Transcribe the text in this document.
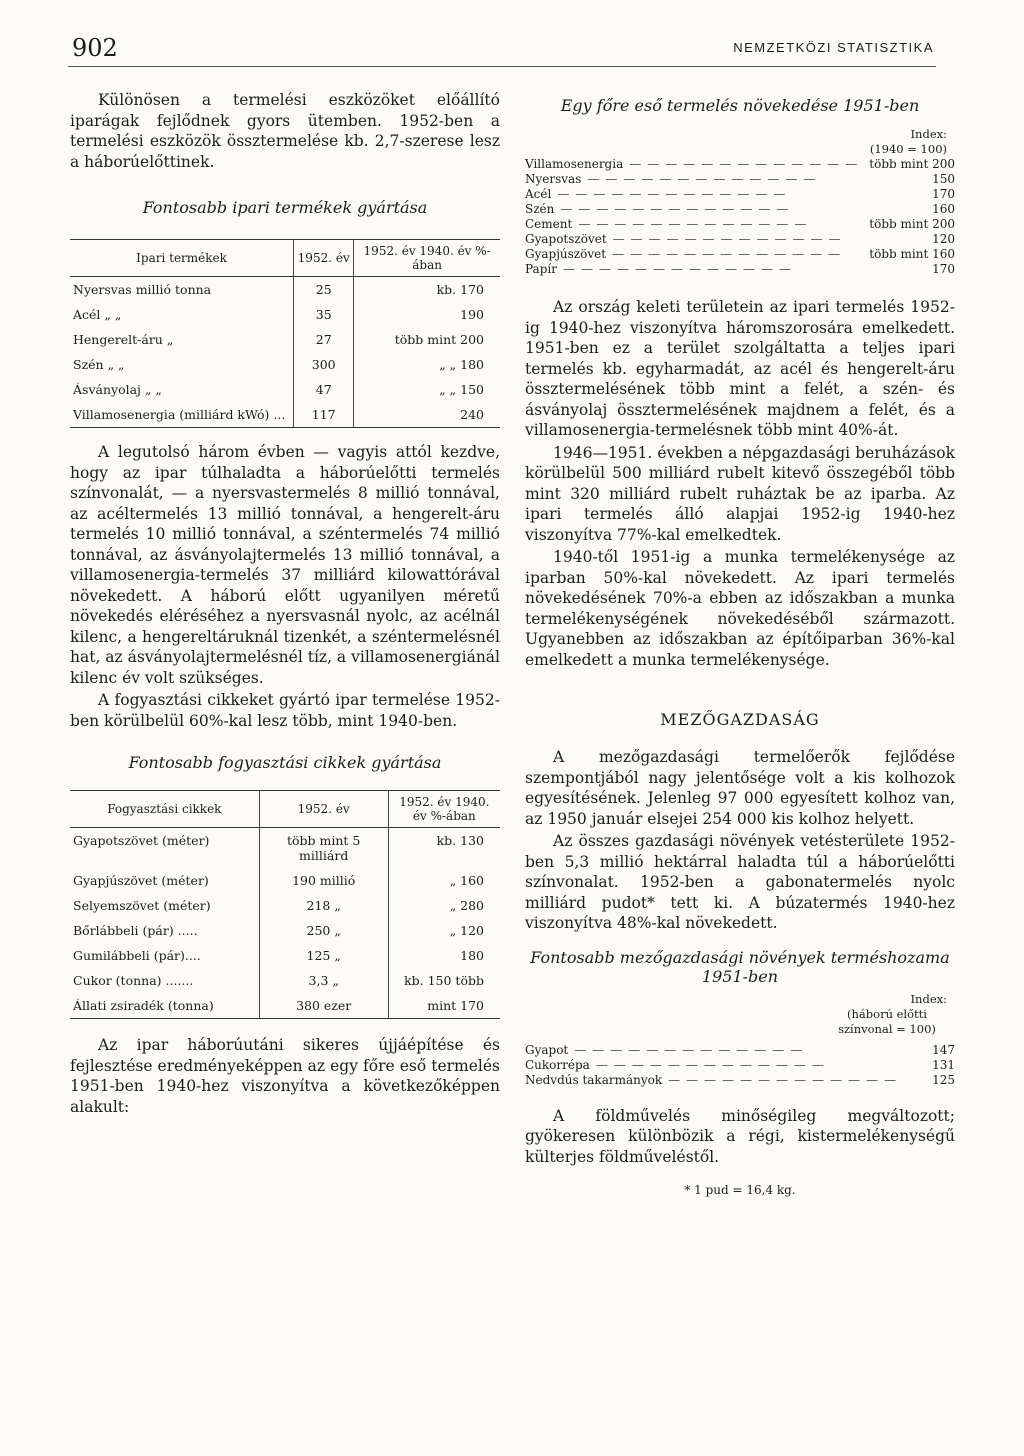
902	NEMZETKÖZI STATISZTIKA

Különösen a termelési eszközöket előállító iparágak fejlődnek gyors ütemben. 1952-ben a termelési eszközök össztermelése kb. 2,7-szerese lesz a háborúelőttinek.

Fontosabb ipari termékek gyártása
Ipari termékek	1952. év	1952. év 1940. év %-ában
Nyersvas millió tonna	25	kb. 170
Acél „ „	35	190
Hengerelt-áru „	27	több mint 200
Szén „ „	300	„ „ 180
Ásványolaj „ „	47	„ „ 150
Villamosenergia (milliárd kWó) ...	117	240

A legutolsó három évben — vagyis attól kezdve, hogy az ipar túlhaladta a háborúelőtti termelés színvonalát, — a nyersvastermelés 8 millió tonnával, az acéltermelés 13 millió tonnával, a hengerelt-áru termelés 10 millió tonnával, a széntermelés 74 millió tonnával, az ásványolajtermelés 13 millió tonnával, a villamosenergia-termelés 37 milliárd kilowattórával növekedett. A háború előtt ugyanilyen méretű növekedés eléréséhez a nyersvasnál nyolc, az acélnál kilenc, a hengereltáruknál tizenkét, a széntermelésnél hat, az ásványolajtermelésnél tíz, a villamosenergiánál kilenc év volt szükséges.

A fogyasztási cikkeket gyártó ipar termelése 1952-ben körülbelül 60%-kal lesz több, mint 1940-ben.

Fontosabb fogyasztási cikkek gyártása
Fogyasztási cikkek	1952. év	1952. év 1940. év %-ában
Gyapotszövet (méter)	több mint 5 milliárd	kb. 130
Gyapjúszövet (méter)	190 millió	„ 160
Selyemszövet (méter)	218 „	„ 280
Bőrlábbeli (pár) .....	250 „	„ 120
Gumilábbeli (pár)....	125 „	180
Cukor (tonna) .......	3,3 „	kb. 150 több
Állati zsiradék (tonna)	380 ezer	mint 170

Az ipar háborúutáni sikeres újjáépítése és fejlesztése eredményeképpen az egy főre eső termelés 1951-ben 1940-hez viszonyítva a következőképpen alakult:

Egy főre eső termelés növekedése 1951-ben
Index:
(1940 = 100)
Villamosenergia ————————————— több mint 200
Nyersvas —————————————	150
Acél —————————————	170
Szén —————————————	160
Cement —————————————	több mint 200
Gyapotszövet —————————————	120
Gyapjúszövet —————————————	több mint 160
Papír —————————————	170

Az ország keleti területein az ipari termelés 1952-ig 1940-hez viszonyítva háromszorosára emelkedett. 1951-ben ez a terület szolgáltatta a teljes ipari termelés kb. egyharmadát, az acél és hengerelt-áru össztermelésének több mint a felét, a szén- és ásványolaj össztermelésének majdnem a felét, és a villamosenergia-termelésnek több mint 40%-át.

1946—1951. években a népgazdasági beruházások körülbelül 500 milliárd rubelt kitevő összegéből több mint 320 milliárd rubelt ruháztak be az iparba. Az ipari termelés álló alapjai 1952-ig 1940-hez viszonyítva 77%-kal emelkedtek.

1940-től 1951-ig a munka termelékenysége az iparban 50%-kal növekedett. Az ipari termelés növekedésének 70%-a ebben az időszakban a munka termelékenységének növekedéséből származott. Ugyanebben az időszakban az építőiparban 36%-kal emelkedett a munka termelékenysége.

MEZŐGAZDASÁG

A mezőgazdasági termelőerők fejlődése szempontjából nagy jelentősége volt a kis kolhozok egyesítésének. Jelenleg 97 000 egyesített kolhoz van, az 1950 január elsejei 254 000 kis kolhoz helyett.

Az összes gazdasági növények vetésterülete 1952-ben 5,3 millió hektárral haladta túl a háborúelőtti színvonalat. 1952-ben a gabonatermelés nyolc milliárd pudot* tett ki. A búzatermés 1940-hez viszonyítva 48%-kal növekedett.

Fontosabb mezőgazdasági növények terméshozama 1951-ben
Index:
(háború előtti színvonal = 100)
Gyapot —————————————	147
Cukorrépa —————————————	131
Nedvdús takarmányok —————————————	125

A földművelés minőségileg megváltozott; gyökeresen különbözik a régi, kistermelékenységű külterjes földműveléstől.

* 1 pud = 16,4 kg.
